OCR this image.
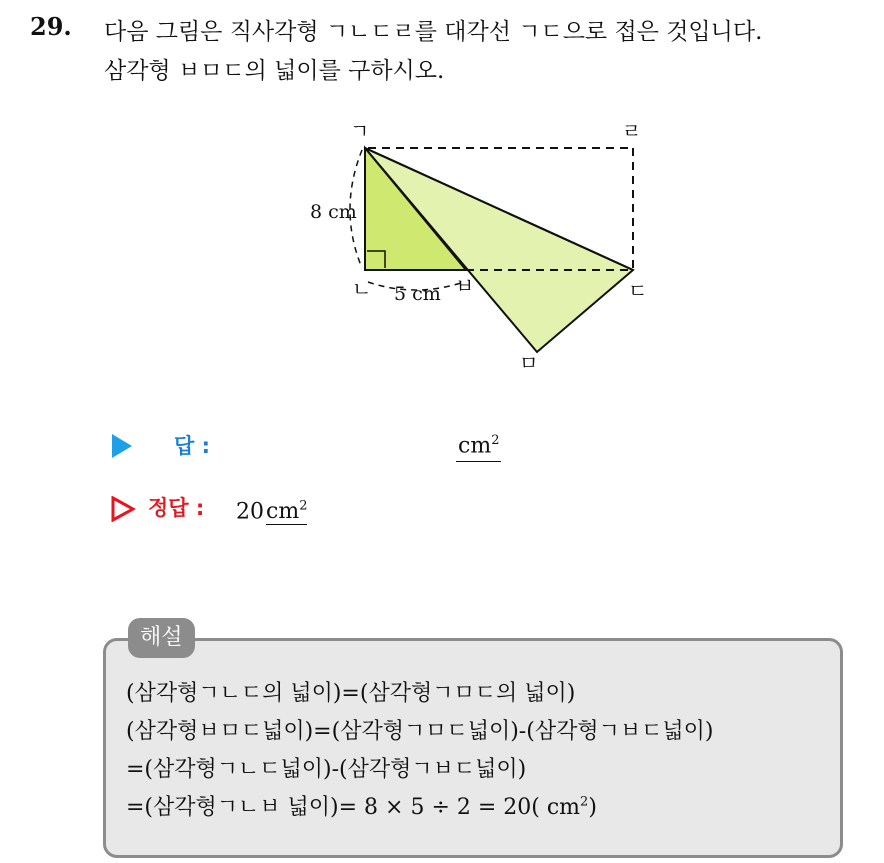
29. 다음 그림은 직사각형 ㄱㄴㄷㄹ를 대각선 ㄱㄷ으로 접은 것입니다.
삼각형 ㅂㅁㄷ의 넓이를 구하시오.
ㄱ	ㄹ
ㄴ	ㅂ	ㄷ
ㅁ
8 cm
5 cm
답 :	$cm^2$
정답 : $20cm^2$
해설
(삼각형ㄱㄴㄷ의 넓이)=(삼각형ㄱㅁㄷ의 넓이)
(삼각형ㅂㅁㄷ넓이)=(삼각형ㄱㅁㄷ넓이)-(삼각형ㄱㅂㄷ넓이)
=(삼각형ㄱㄴㄷ넓이)-(삼각형ㄱㅂㄷ넓이)
=(삼각형ㄱㄴㅂ 넓이)= 8 × 5 ÷ 2 = 20( $cm^2$)
